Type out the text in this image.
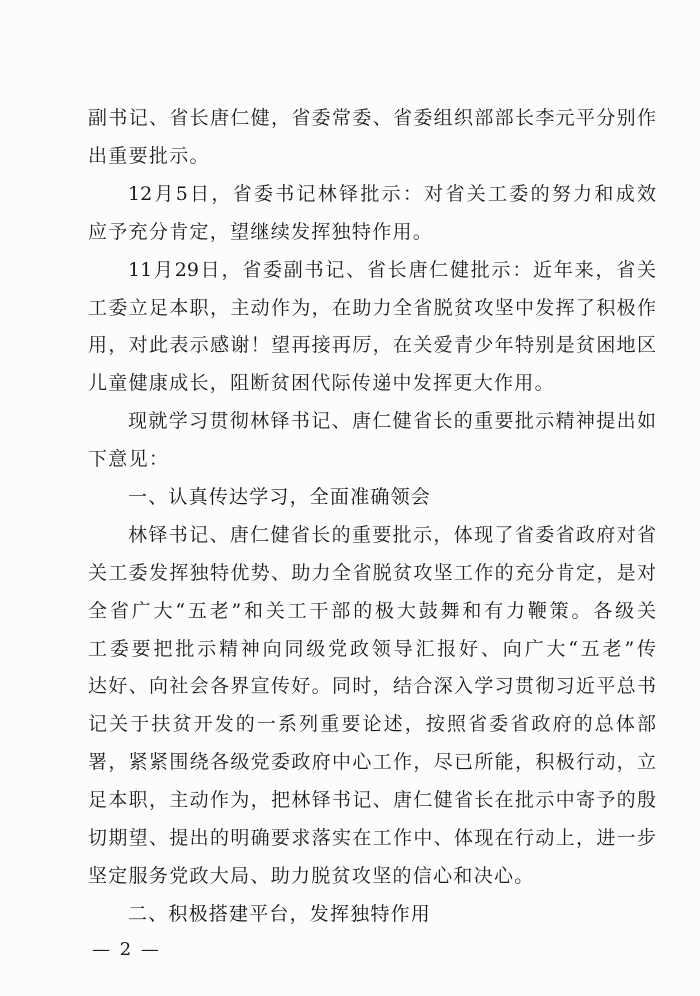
副书记、省长唐仁健，省委常委、省委组织部部长李元平分别作
出重要批示。
12月5日，省委书记林铎批示：对省关工委的努力和成效
应予充分肯定，望继续发挥独特作用。
11月29日，省委副书记、省长唐仁健批示：近年来，省关
工委立足本职，主动作为，在助力全省脱贫攻坚中发挥了积极作
用，对此表示感谢！望再接再厉，在关爱青少年特别是贫困地区
儿童健康成长，阻断贫困代际传递中发挥更大作用。
现就学习贯彻林铎书记、唐仁健省长的重要批示精神提出如
下意见：
一、认真传达学习，全面准确领会
林铎书记、唐仁健省长的重要批示，体现了省委省政府对省
关工委发挥独特优势、助力全省脱贫攻坚工作的充分肯定，是对
全省广大“五老”和关工干部的极大鼓舞和有力鞭策。各级关
工委要把批示精神向同级党政领导汇报好、向广大“五老”传
达好、向社会各界宣传好。同时，结合深入学习贯彻习近平总书
记关于扶贫开发的一系列重要论述，按照省委省政府的总体部
署，紧紧围绕各级党委政府中心工作，尽已所能，积极行动，立
足本职，主动作为，把林铎书记、唐仁健省长在批示中寄予的殷
切期望、提出的明确要求落实在工作中、体现在行动上，进一步
坚定服务党政大局、助力脱贫攻坚的信心和决心。
二、积极搭建平台，发挥独特作用
— 2 —
